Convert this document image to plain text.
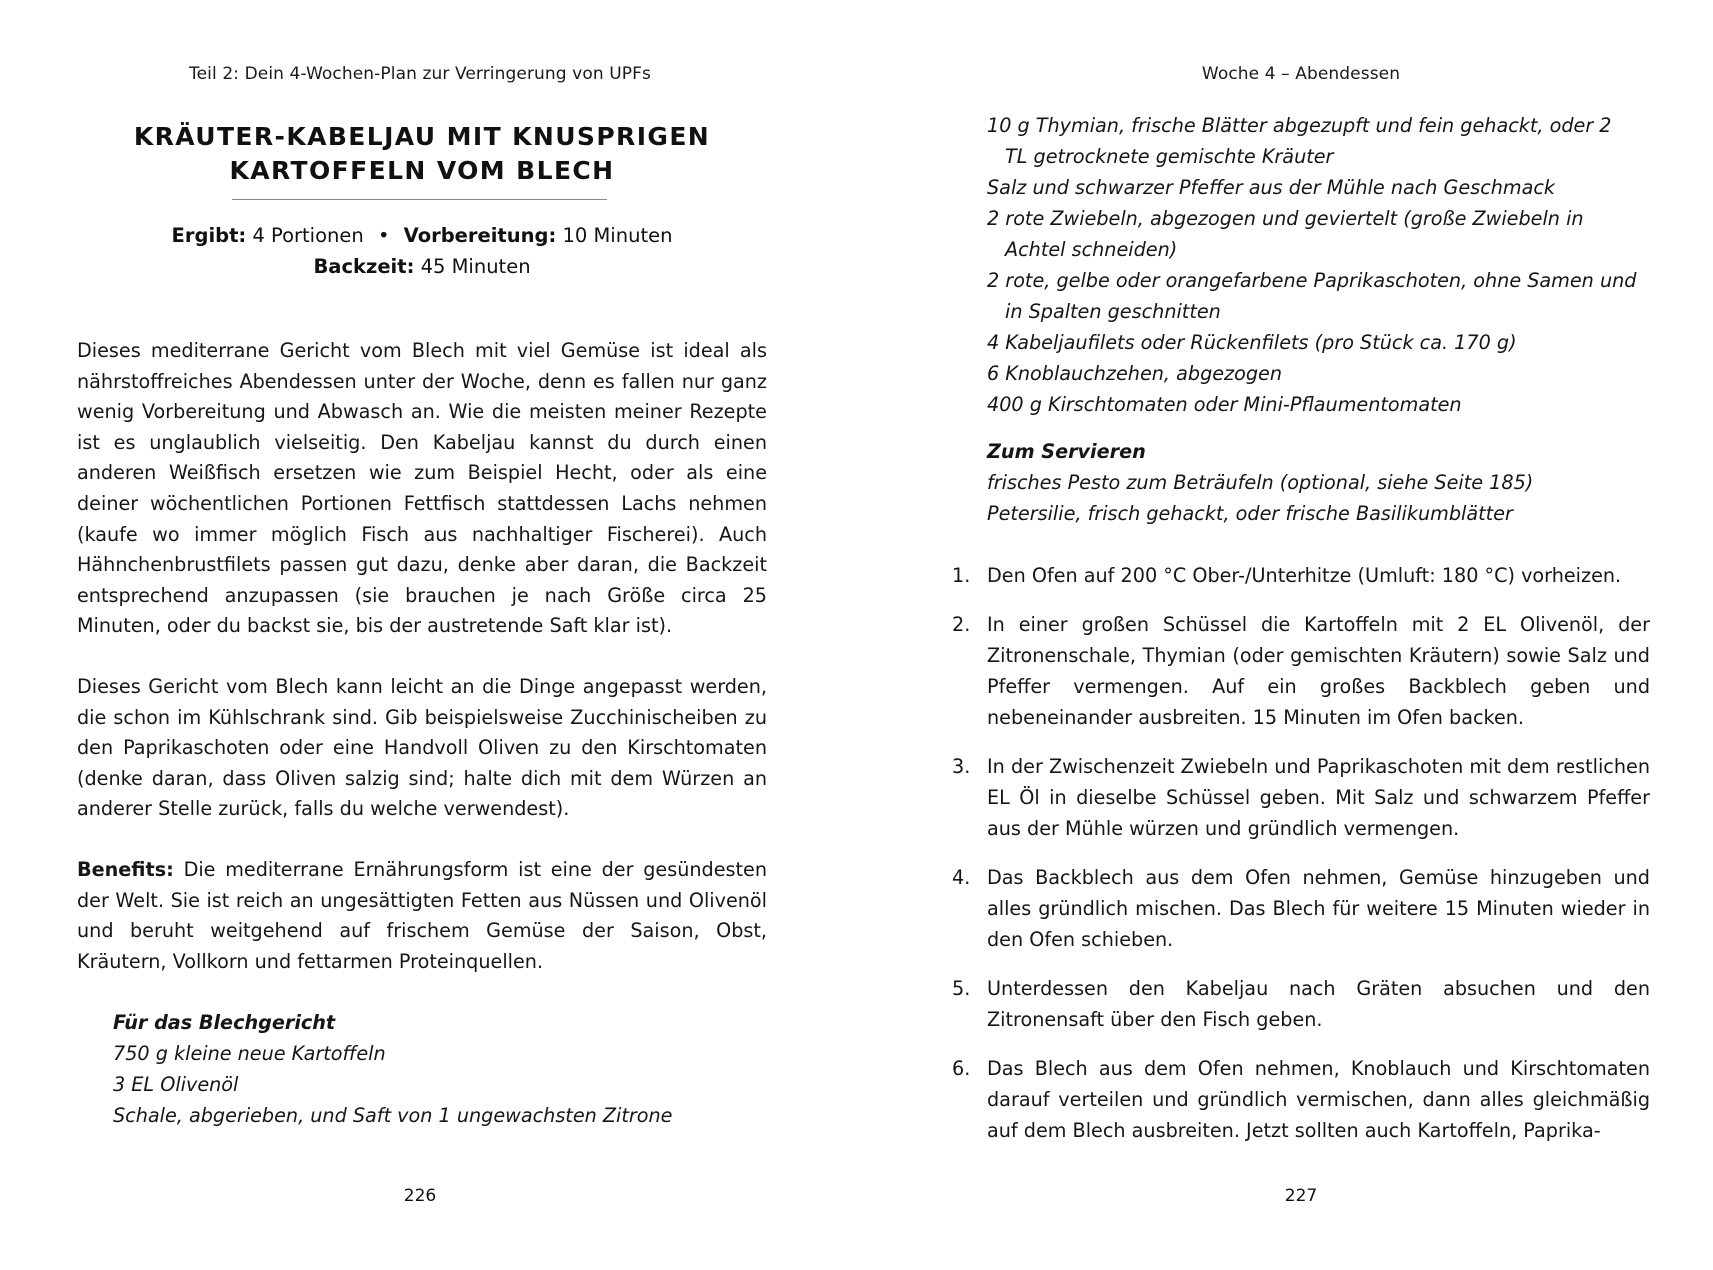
Teil 2: Dein 4-Wochen-Plan zur Verringerung von UPFs
KRÄUTER-KABELJAU MIT KNUSPRIGEN
KARTOFFELN VOM BLECH
Ergibt: 4 Portionen • Vorbereitung: 10 Minuten
Backzeit: 45 Minuten

Dieses mediterrane Gericht vom Blech mit viel Gemüse ist ideal als nährstoffreiches Abendessen unter der Woche, denn es fallen nur ganz wenig Vorbereitung und Abwasch an. Wie die meisten meiner Rezepte ist es unglaublich vielseitig. Den Kabeljau kannst du durch einen anderen Weißfisch ersetzen wie zum Beispiel Hecht, oder als eine deiner wöchentlichen Portionen Fettfisch stattdessen Lachs nehmen (kaufe wo immer möglich Fisch aus nachhaltiger Fischerei). Auch Hähnchenbrustfilets passen gut dazu, denke aber daran, die Backzeit entsprechend anzupassen (sie brauchen je nach Größe circa 25 Minuten, oder du backst sie, bis der austretende Saft klar ist).

Dieses Gericht vom Blech kann leicht an die Dinge angepasst werden, die schon im Kühlschrank sind. Gib beispielsweise Zucchinischeiben zu den Paprikaschoten oder eine Handvoll Oliven zu den Kirschtomaten (denke daran, dass Oliven salzig sind; halte dich mit dem Würzen an anderer Stelle zurück, falls du welche verwendest).

Benefits: Die mediterrane Ernährungsform ist eine der gesündesten der Welt. Sie ist reich an ungesättigten Fetten aus Nüssen und Olivenöl und beruht weitgehend auf frischem Gemüse der Saison, Obst, Kräutern, Vollkorn und fettarmen Proteinquellen.

Für das Blechgericht
750 g kleine neue Kartoffeln
3 EL Olivenöl
Schale, abgerieben, und Saft von 1 ungewachsten Zitrone
226
Woche 4 – Abendessen
10 g Thymian, frische Blätter abgezupft und fein gehackt, oder 2 TL getrocknete gemischte Kräuter
Salz und schwarzer Pfeffer aus der Mühle nach Geschmack
2 rote Zwiebeln, abgezogen und geviertelt (große Zwiebeln in Achtel schneiden)
2 rote, gelbe oder orangefarbene Paprikaschoten, ohne Samen und in Spalten geschnitten
4 Kabeljaufilets oder Rückenfilets (pro Stück ca. 170 g)
6 Knoblauchzehen, abgezogen
400 g Kirschtomaten oder Mini-Pflaumentomaten
Zum Servieren
frisches Pesto zum Beträufeln (optional, siehe Seite 185)
Petersilie, frisch gehackt, oder frische Basilikumblätter
1. Den Ofen auf 200 °C Ober-/Unterhitze (Umluft: 180 °C) vorheizen.
2. In einer großen Schüssel die Kartoffeln mit 2 EL Olivenöl, der Zitronenschale, Thymian (oder gemischten Kräutern) sowie Salz und Pfeffer vermengen. Auf ein großes Backblech geben und nebeneinander ausbreiten. 15 Minuten im Ofen backen.
3. In der Zwischenzeit Zwiebeln und Paprikaschoten mit dem restlichen EL Öl in dieselbe Schüssel geben. Mit Salz und schwarzem Pfeffer aus der Mühle würzen und gründlich vermengen.
4. Das Backblech aus dem Ofen nehmen, Gemüse hinzugeben und alles gründlich mischen. Das Blech für weitere 15 Minuten wieder in den Ofen schieben.
5. Unterdessen den Kabeljau nach Gräten absuchen und den Zitronensaft über den Fisch geben.
6. Das Blech aus dem Ofen nehmen, Knoblauch und Kirschtomaten darauf verteilen und gründlich vermischen, dann alles gleichmäßig auf dem Blech ausbreiten. Jetzt sollten auch Kartoffeln, Paprika-
227
